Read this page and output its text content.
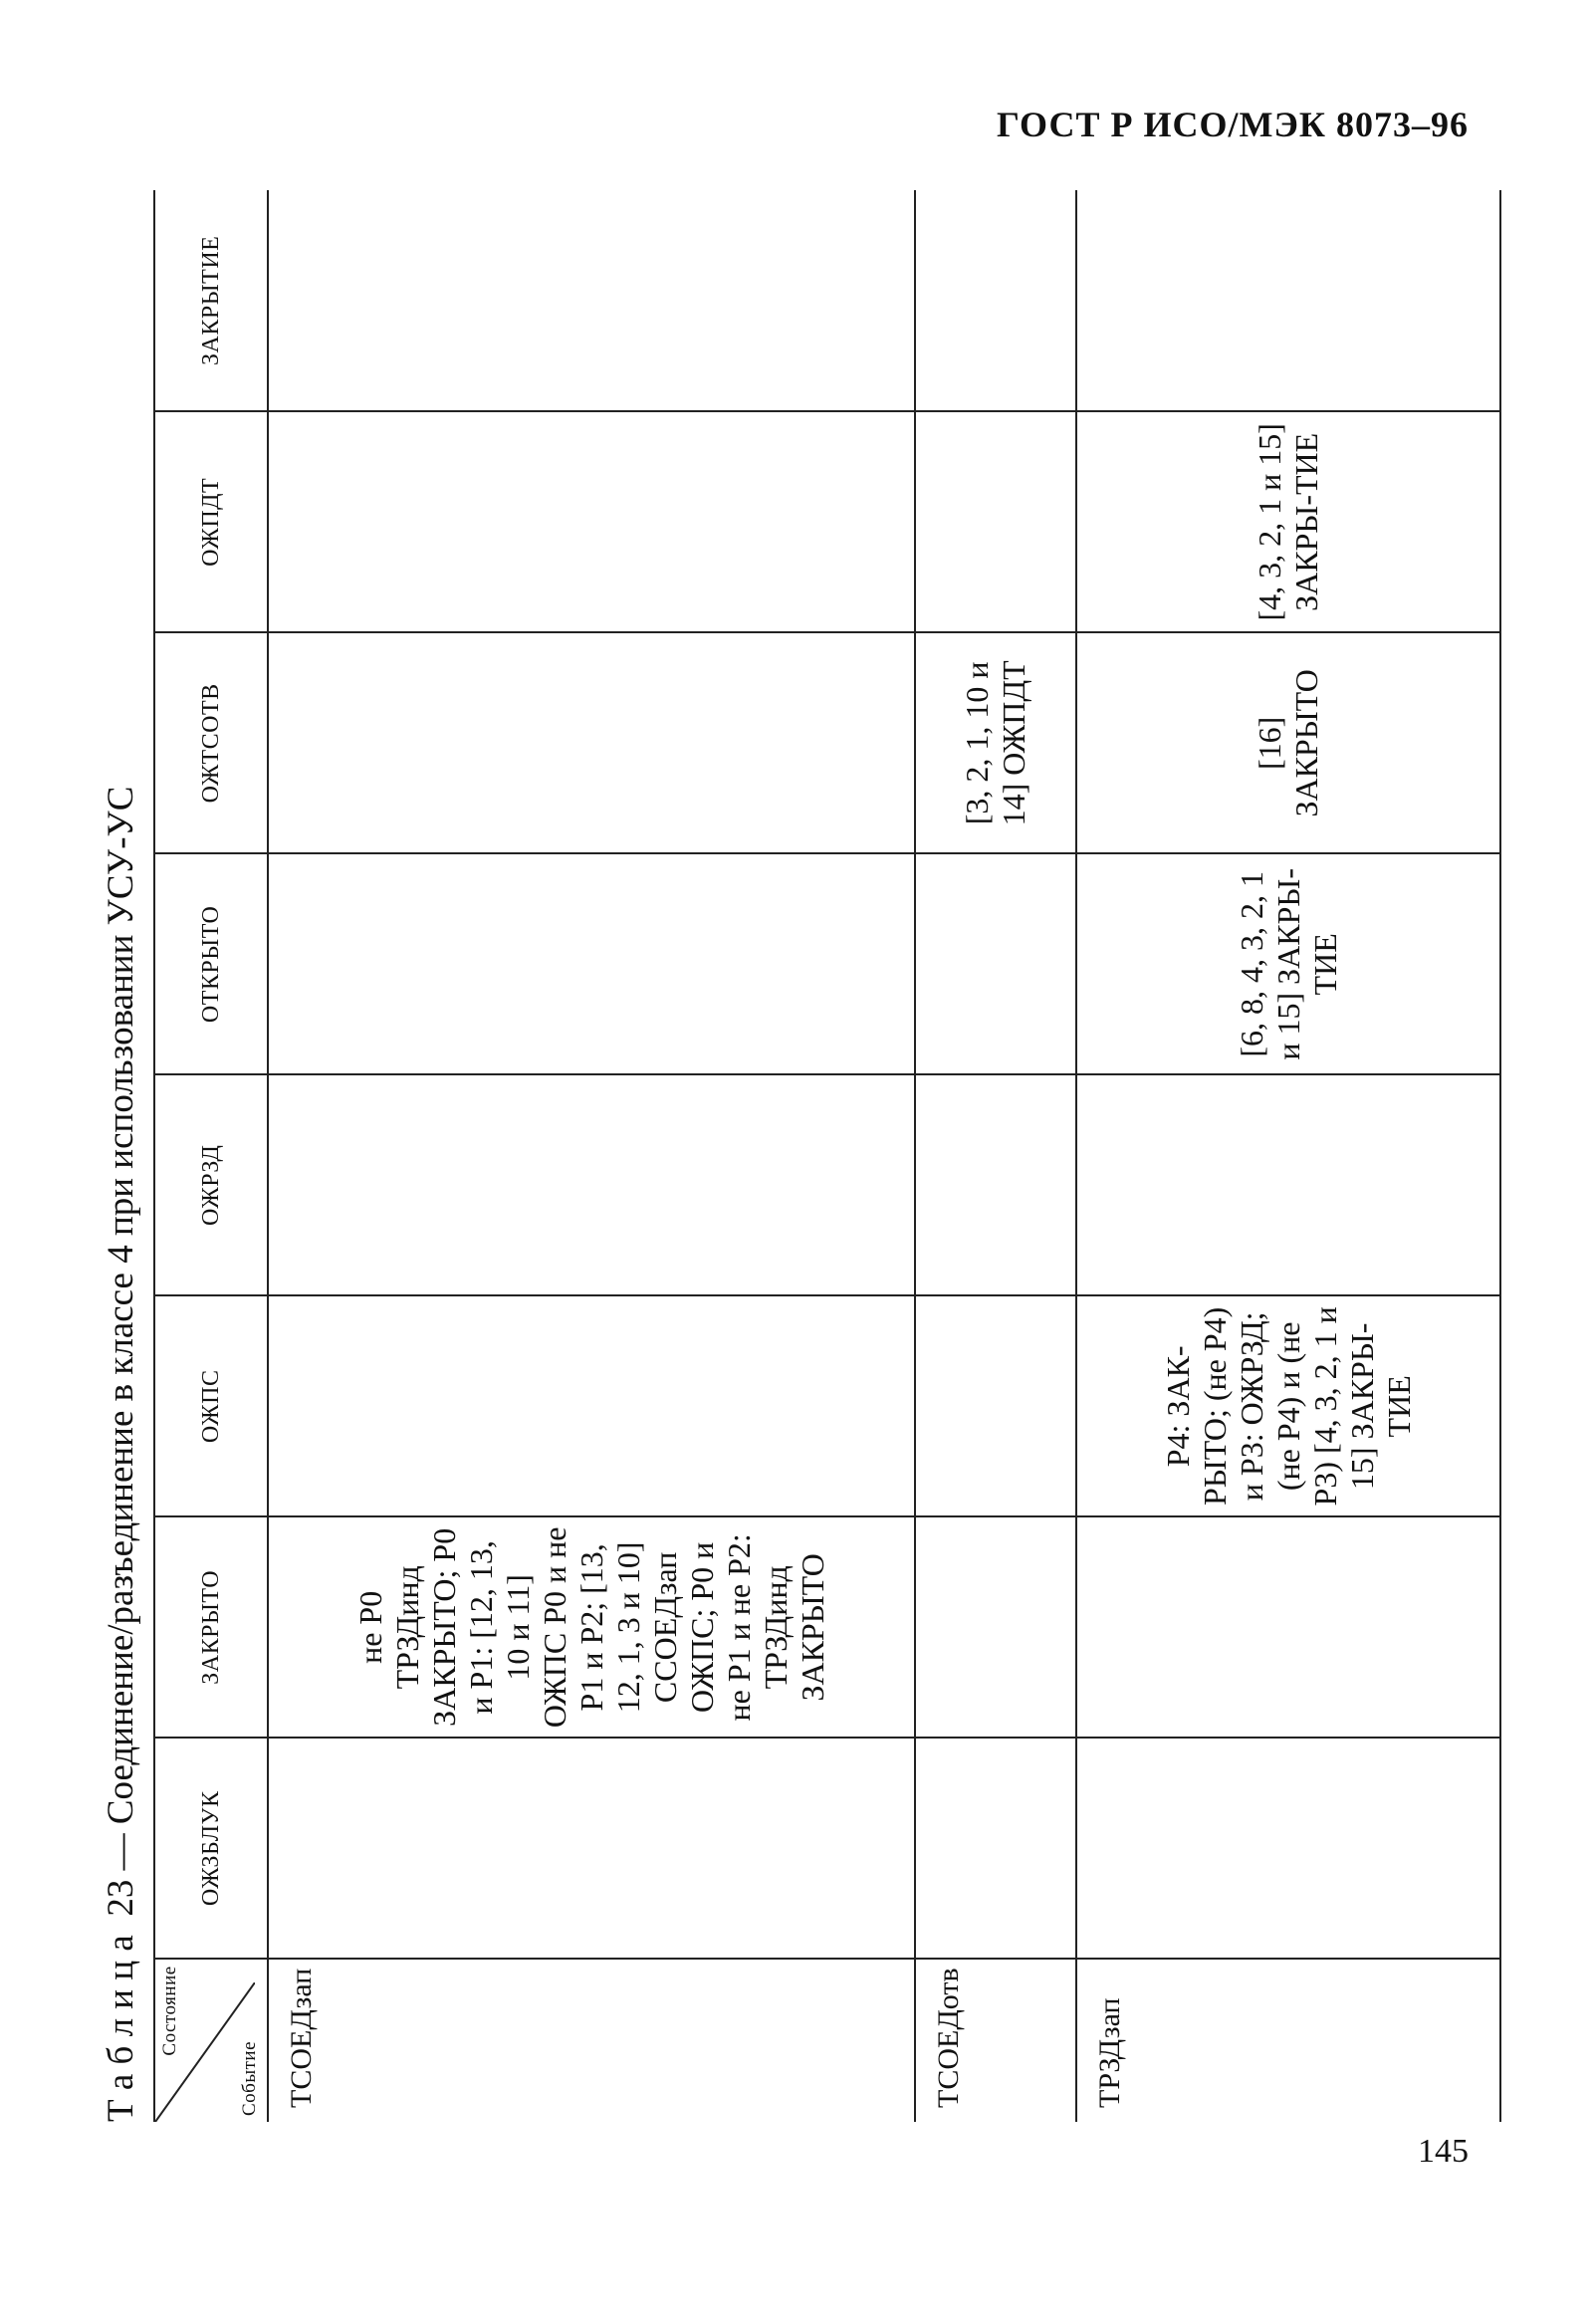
ГОСТ Р ИСО/МЭК 8073–96
Т а б л и ц а  23 — Соединение/разъединение в классе 4 при использовании УСУ-УС
Состояние
Событие	ОЖЗБЛУК	ЗАКРЫТО	ОЖПС	ОЖРЗД	ОТКРЫТО	ОЖТСОТВ	ОЖПДТ	ЗАКРЫТИЕ
ТСОЕДзап		не Р0 ТРЗДинд ЗАКРЫТО; Р0 и Р1: [12, 13, 10 и 11] ОЖПС Р0 и не Р1 и Р2; [13, 12, 1, 3 и 10] ССОЕДзап ОЖПС; Р0 и не Р1 и не Р2: ТРЗДинд ЗАКРЫТО						
ТСОЕДотв						[3, 2, 1, 10 и 14] ОЖПДТ		
ТРЗДзап			Р4: ЗАК-РЫТО; (не Р4) и Р3: ОЖРЗД; (не Р4) и (не Р3) [4, 3, 2, 1 и 15] ЗАКРЫ-ТИЕ		[6, 8, 4, 3, 2, 1 и 15] ЗАКРЫ-ТИЕ	[16] ЗАКРЫТО	[4, 3, 2, 1 и 15] ЗАКРЫ-ТИЕ	
145
